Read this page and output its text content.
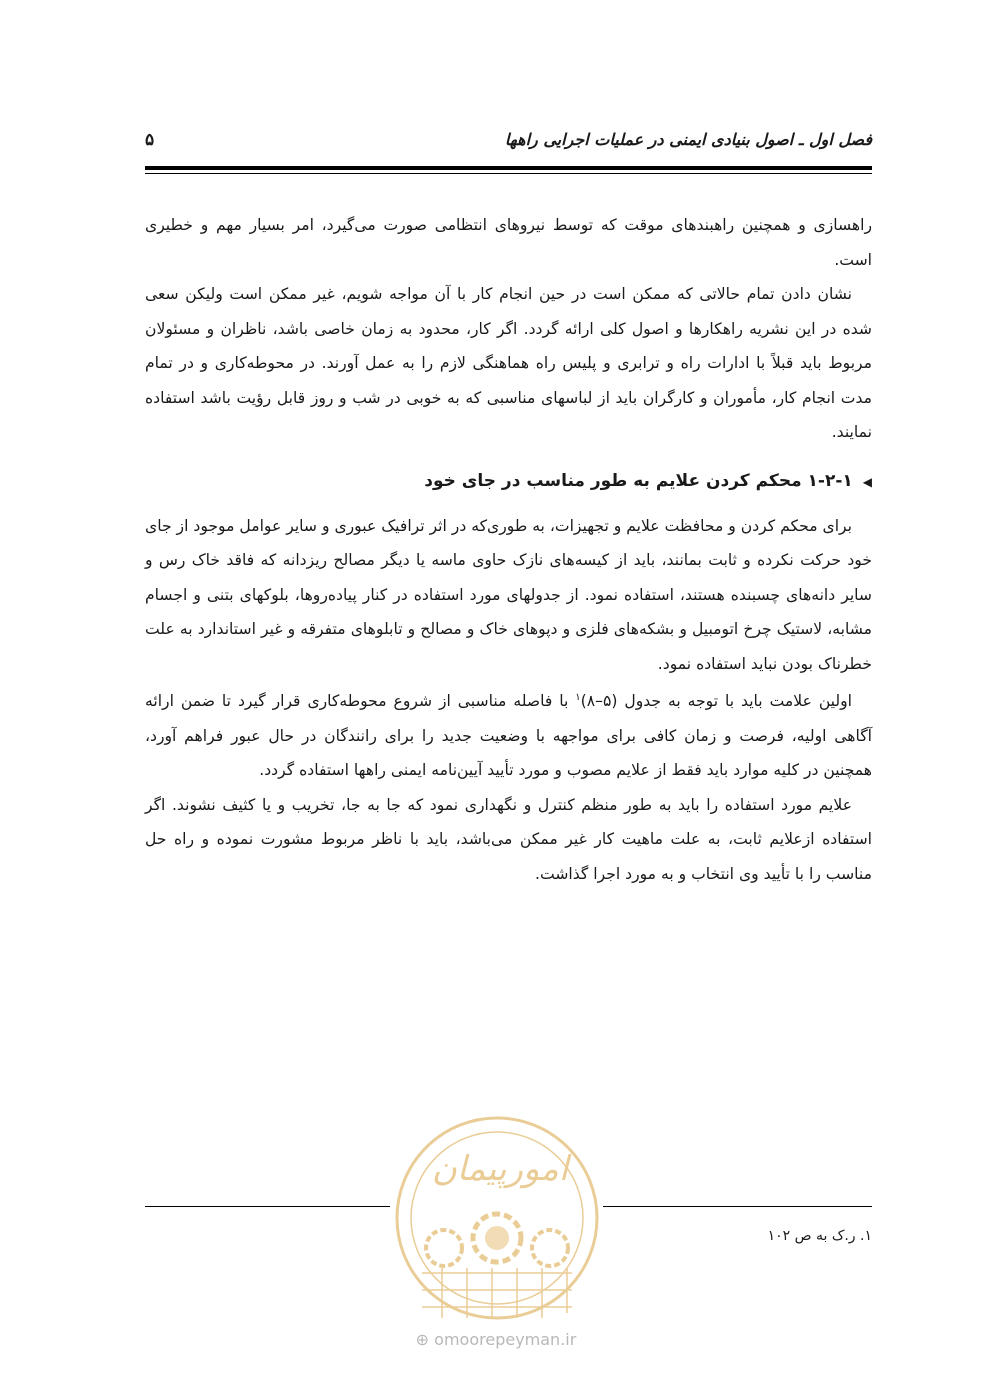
فصل اول ـ اصول بنیادی ایمنی در عملیات اجرایی راهها
۵

راهسازی و همچنین راهبندهای موقت که توسط نیروهای انتظامی صورت می‌گیرد، امر بسیار مهم و خطیری است.

نشان دادن تمام حالاتی که ممکن است در حین انجام کار با آن مواجه شویم، غیر ممکن است ولیکن سعی شده در این نشریه راهکارها و اصول کلی ارائه گردد. اگر کار، محدود به زمان خاصی باشد، ناظران و مسئولان مربوط باید قبلاً با ادارات راه و ترابری و پلیس راه هماهنگی لازم را به عمل آورند. در محوطه‌کاری و در تمام مدت انجام کار، مأموران و کارگران باید از لباسهای مناسبی که به خوبی در شب و روز قابل رؤیت باشد استفاده نمایند.

◀۱-۲-۱ محکم کردن علایم به طور مناسب در جای خود

برای محکم کردن و محافظت علایم و تجهیزات، به طوری‌که در اثر ترافیک عبوری و سایر عوامل موجود از جای خود حرکت نکرده و ثابت بمانند، باید از کیسه‌های نازک حاوی ماسه یا دیگر مصالح ریزدانه که فاقد خاک رس و سایر دانه‌های چسبنده هستند، استفاده نمود. از جدولهای مورد استفاده در کنار پیاده‌روها، بلوکهای بتنی و اجسام مشابه، لاستیک چرخ اتومبیل و بشکه‌های فلزی و دپوهای خاک و مصالح و تابلوهای متفرقه و غیر استاندارد به علت خطرناک بودن نباید استفاده نمود.

اولین علامت باید با توجه به جدول (۵–۸)$^۱$ با فاصله مناسبی از شروع محوطه‌کاری قرار گیرد تا ضمن ارائه آگاهی اولیه، فرصت و زمان کافی برای مواجهه با وضعیت جدید را برای رانندگان در حال عبور فراهم آورد، همچنین در کلیه موارد باید فقط از علایم مصوب و مورد تأیید آیین‌نامه ایمنی راهها استفاده گردد.

علایم مورد استفاده را باید به طور منظم کنترل و نگهداری نمود که جا به جا، تخریب و یا کثیف نشوند. اگر استفاده ازعلایم ثابت، به علت ماهیت کار غیر ممکن می‌باشد، باید با ناظر مربوط مشورت نموده و راه حل مناسب را با تأیید وی انتخاب و به مورد اجرا گذاشت.

امورپیمان
۱. ر.ک به ص ۱۰۲
⊕ omoorepeyman.ir
